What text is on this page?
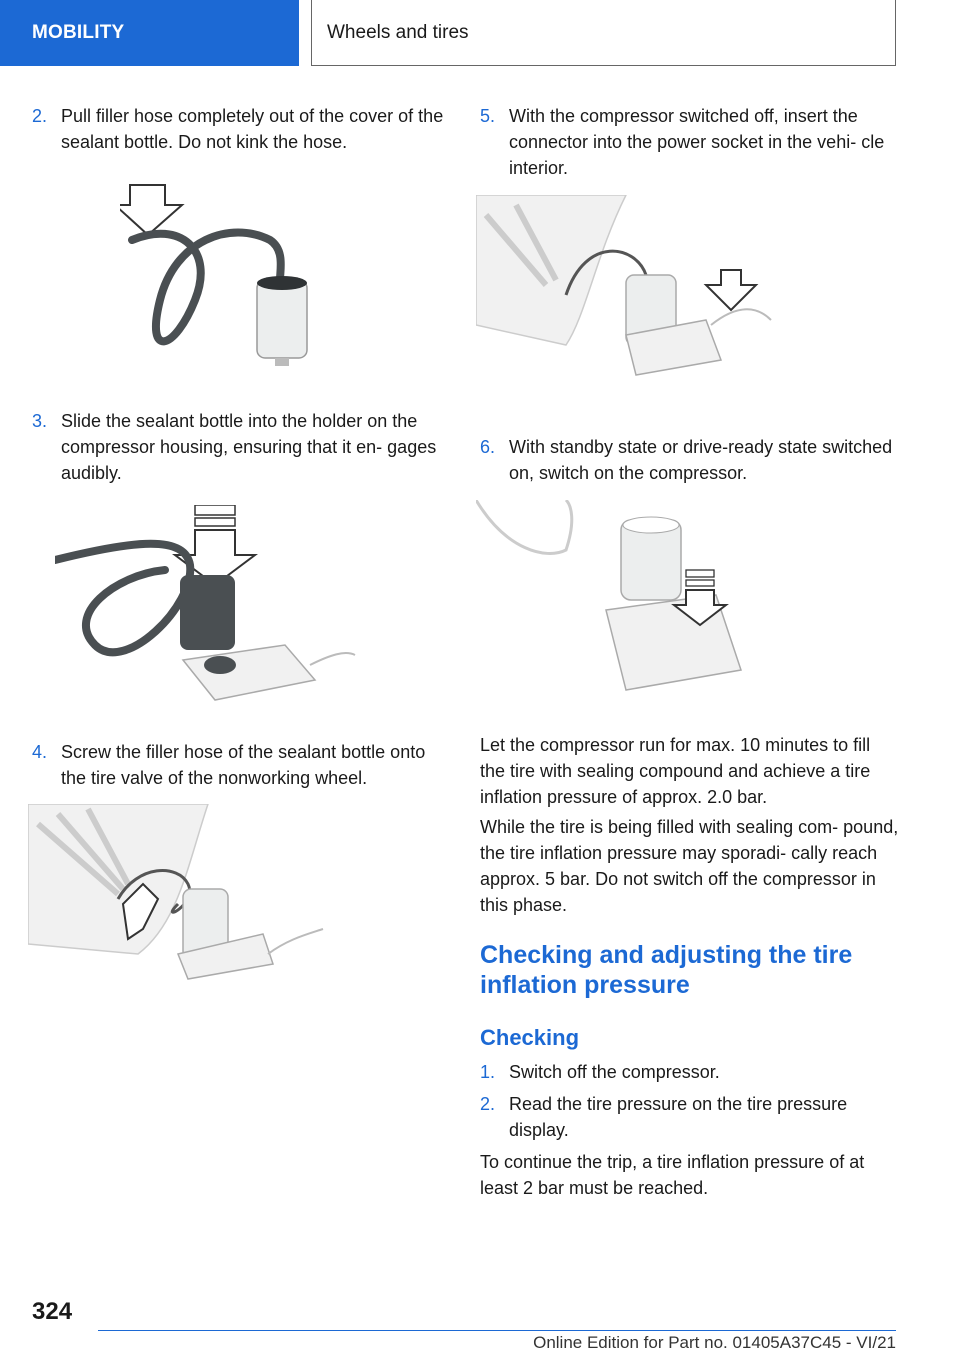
MOBILITY	Wheels and tires
2. Pull filler hose completely out of the cover of the sealant bottle. Do not kink the hose.
3. Slide the sealant bottle into the holder on the compressor housing, ensuring that it en‐ gages audibly.
4. Screw the filler hose of the sealant bottle onto the tire valve of the nonworking wheel.
5. With the compressor switched off, insert the connector into the power socket in the vehi‐ cle interior.
6. With standby state or drive-ready state switched on, switch on the compressor.

Let the compressor run for max. 10 minutes to fill the tire with sealing compound and achieve a tire inflation pressure of approx. 2.0 bar.

While the tire is being filled with sealing com‐ pound, the tire inflation pressure may sporadi‐ cally reach approx. 5 bar. Do not switch off the compressor in this phase.

Checking and adjusting the tire inflation pressure
Checking
1. Switch off the compressor.
2. Read the tire pressure on the tire pressure display.

To continue the trip, a tire inflation pressure of at least 2 bar must be reached.

324
Online Edition for Part no. 01405A37C45 - VI/21
